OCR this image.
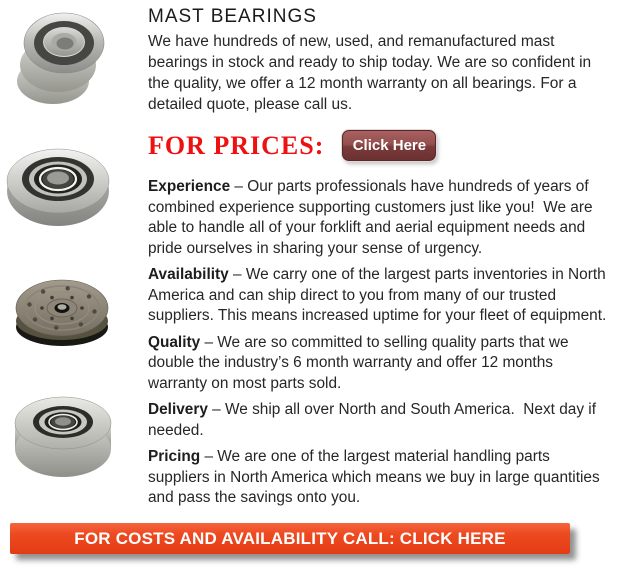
MAST BEARINGS

We have hundreds of new, used, and remanufactured mast bearings in stock and ready to ship today. We are so confident in the quality, we offer a 12 month warranty on all bearings. For a detailed quote, please call us.

FOR PRICES:	Click Here

Experience – Our parts professionals have hundreds of years of combined experience supporting customers just like you!  We are able to handle all of your forklift and aerial equipment needs and pride ourselves in sharing your sense of urgency.

Availability – We carry one of the largest parts inventories in North America and can ship direct to you from many of our trusted suppliers. This means increased uptime for your fleet of equipment.

Quality – We are so committed to selling quality parts that we double the industry’s 6 month warranty and offer 12 months warranty on most parts sold.

Delivery – We ship all over North and South America.  Next day if needed.

Pricing – We are one of the largest material handling parts suppliers in North America which means we buy in large quantities and pass the savings onto you.

FOR COSTS AND AVAILABILITY CALL: CLICK HERE
